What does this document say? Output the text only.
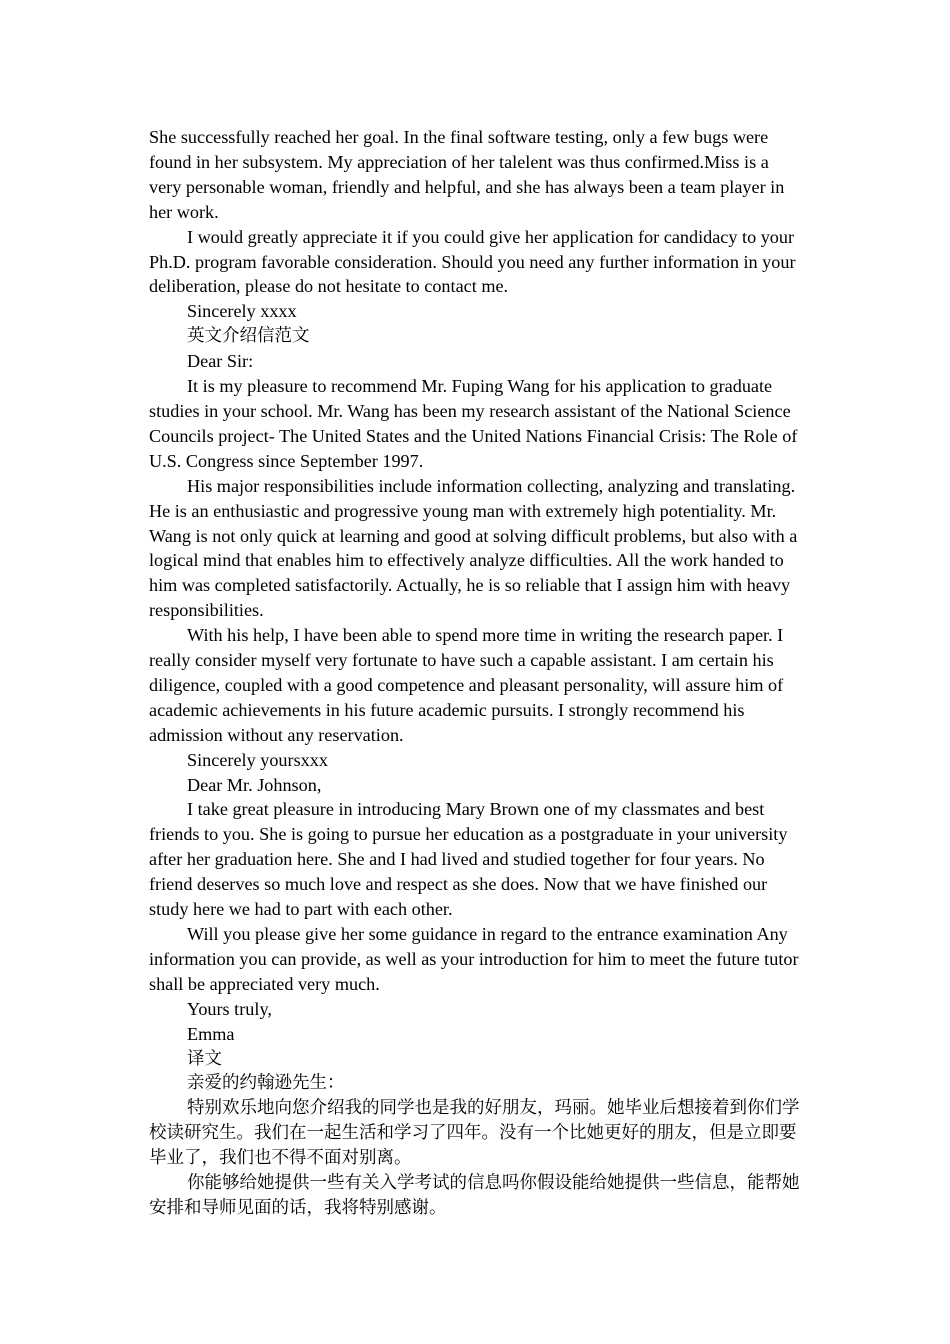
She successfully reached her goal. In the final software testing, only a few bugs were found in her subsystem. My appreciation of her talelent was thus confirmed.Miss is a very personable woman, friendly and helpful, and she has always been a team player in her work.

I would greatly appreciate it if you could give her application for candidacy to your Ph.D. program favorable consideration. Should you need any further information in your deliberation, please do not hesitate to contact me.

Sincerely xxxx

英文介绍信范文

Dear Sir:

It is my pleasure to recommend Mr. Fuping Wang for his application to graduate studies in your school. Mr. Wang has been my research assistant of the National Science Councils project- The United States and the United Nations Financial Crisis: The Role of U.S. Congress since September 1997.

His major responsibilities include information collecting, analyzing and translating. He is an enthusiastic and progressive young man with extremely high potentiality. Mr. Wang is not only quick at learning and good at solving difficult problems, but also with a logical mind that enables him to effectively analyze difficulties. All the work handed to him was completed satisfactorily. Actually, he is so reliable that I assign him with heavy responsibilities.

With his help, I have been able to spend more time in writing the research paper. I really consider myself very fortunate to have such a capable assistant. I am certain his diligence, coupled with a good competence and pleasant personality, will assure him of academic achievements in his future academic pursuits. I strongly recommend his admission without any reservation.

Sincerely yoursxxx

Dear Mr. Johnson,

I take great pleasure in introducing Mary Brown one of my classmates and best friends to you. She is going to pursue her education as a postgraduate in your university after her graduation here. She and I had lived and studied together for four years. No friend deserves so much love and respect as she does. Now that we have finished our study here we had to part with each other.

Will you please give her some guidance in regard to the entrance examination Any information you can provide, as well as your introduction for him to meet the future tutor shall be appreciated very much.

Yours truly,

Emma

译文

亲爱的约翰逊先生：

特别欢乐地向您介绍我的同学也是我的好朋友，玛丽。她毕业后想接着到你们学校读研究生。我们在一起生活和学习了四年。没有一个比她更好的朋友，但是立即要毕业了，我们也不得不面对别离。

你能够给她提供一些有关入学考试的信息吗你假设能给她提供一些信息，能帮她安排和导师见面的话，我将特别感谢。
